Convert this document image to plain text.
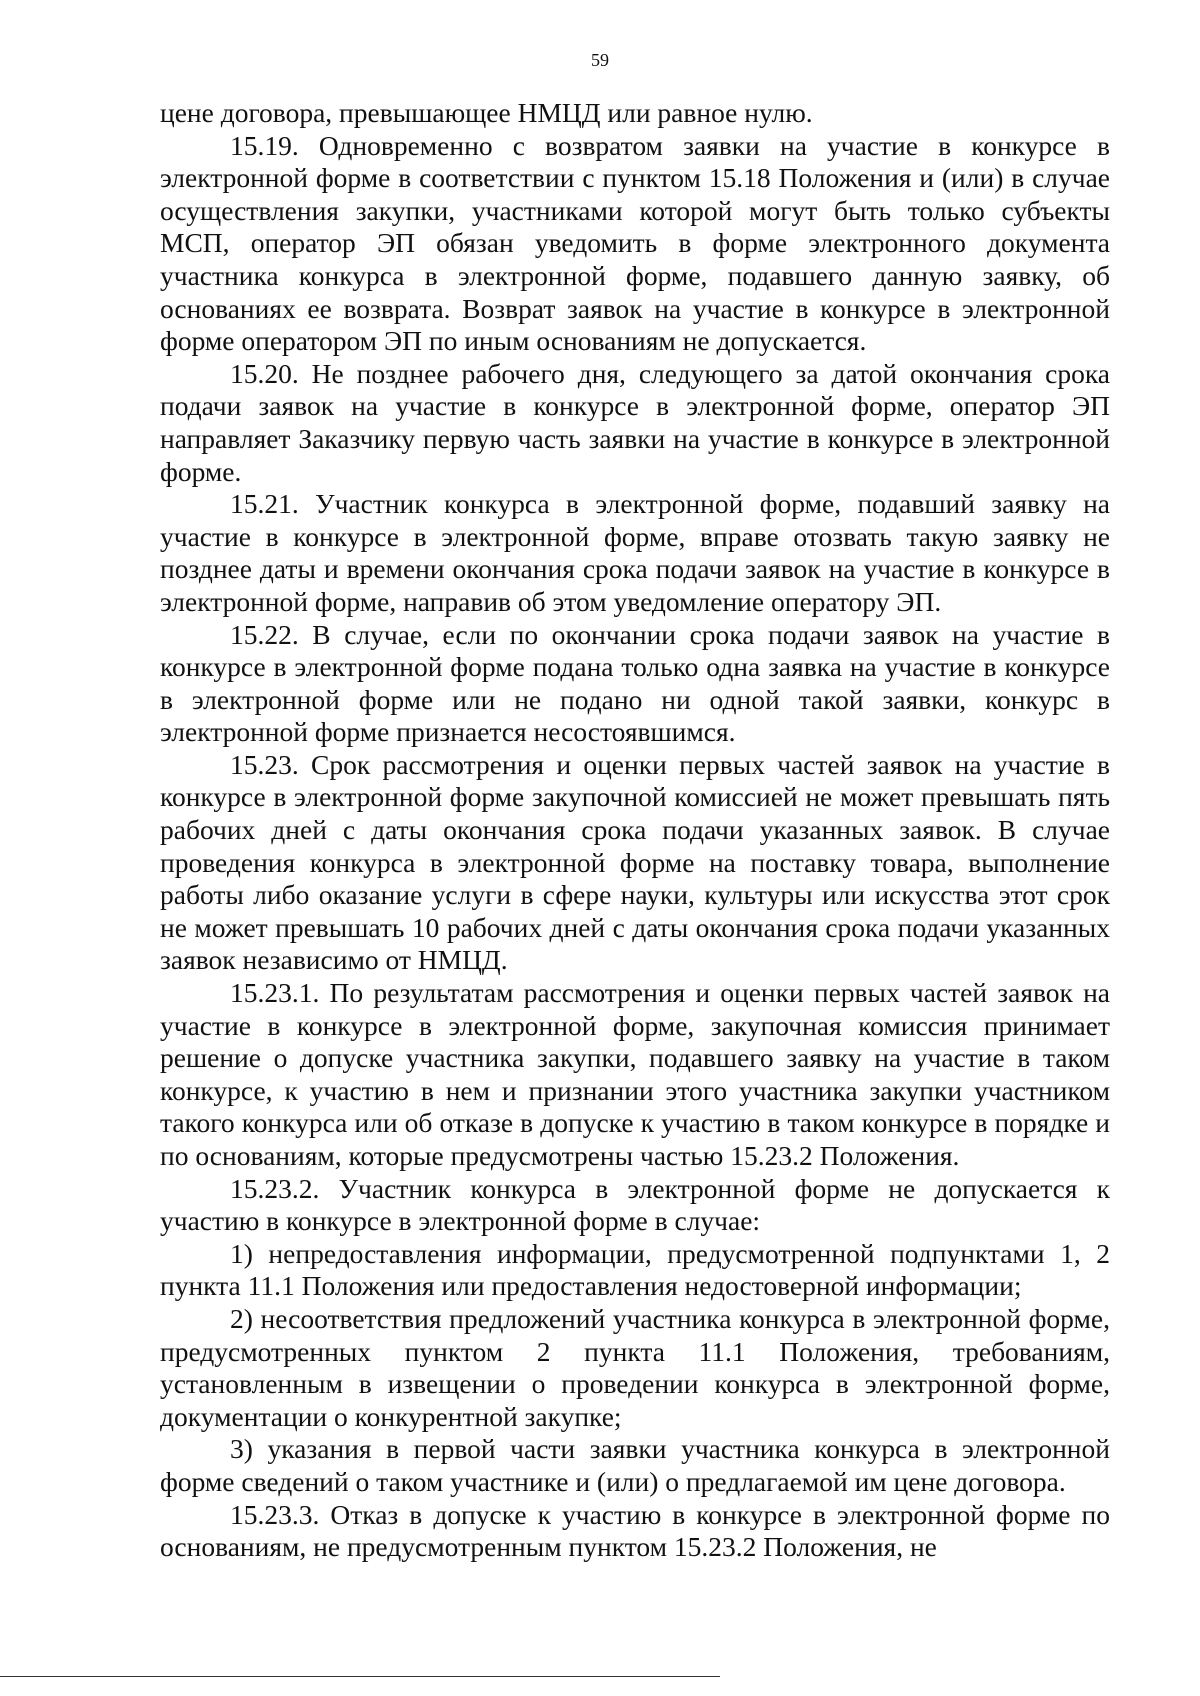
59

цене договора, превышающее НМЦД или равное нулю.

15.19. Одновременно с возвратом заявки на участие в конкурсе в электронной форме в соответствии с пунктом 15.18 Положения и (или) в случае осуществления закупки, участниками которой могут быть только субъекты МСП, оператор ЭП обязан уведомить в форме электронного документа участника конкурса в электронной форме, подавшего данную заявку, об основаниях ее возврата. Возврат заявок на участие в конкурсе в электронной форме оператором ЭП по иным основаниям не допускается.

15.20. Не позднее рабочего дня, следующего за датой окончания срока подачи заявок на участие в конкурсе в электронной форме, оператор ЭП направляет Заказчику первую часть заявки на участие в конкурсе в электронной форме.

15.21. Участник конкурса в электронной форме, подавший заявку на участие в конкурсе в электронной форме, вправе отозвать такую заявку не позднее даты и времени окончания срока подачи заявок на участие в конкурсе в электронной форме, направив об этом уведомление оператору ЭП.

15.22. В случае, если по окончании срока подачи заявок на участие в конкурсе в электронной форме подана только одна заявка на участие в конкурсе в электронной форме или не подано ни одной такой заявки, конкурс в электронной форме признается несостоявшимся.

15.23. Срок рассмотрения и оценки первых частей заявок на участие в конкурсе в электронной форме закупочной комиссией не может превышать пять рабочих дней с даты окончания срока подачи указанных заявок. В случае проведения конкурса в электронной форме на поставку товара, выполнение работы либо оказание услуги в сфере науки, культуры или искусства этот срок не может превышать 10 рабочих дней с даты окончания срока подачи указанных заявок независимо от НМЦД.

15.23.1. По результатам рассмотрения и оценки первых частей заявок на участие в конкурсе в электронной форме, закупочная комиссия принимает решение о допуске участника закупки, подавшего заявку на участие в таком конкурсе, к участию в нем и признании этого участника закупки участником такого конкурса или об отказе в допуске к участию в таком конкурсе в порядке и по основаниям, которые предусмотрены частью 15.23.2 Положения.

15.23.2. Участник конкурса в электронной форме не допускается к участию в конкурсе в электронной форме в случае:

1) непредоставления информации, предусмотренной подпунктами 1, 2 пункта 11.1 Положения или предоставления недостоверной информации;

2) несоответствия предложений участника конкурса в электронной форме, предусмотренных пунктом 2 пункта 11.1 Положения, требованиям, установленным в извещении о проведении конкурса в электронной форме, документации о конкурентной закупке;

3) указания в первой части заявки участника конкурса в электронной форме сведений о таком участнике и (или) о предлагаемой им цене договора.

15.23.3. Отказ в допуске к участию в конкурсе в электронной форме по основаниям, не предусмотренным пунктом 15.23.2 Положения, не
